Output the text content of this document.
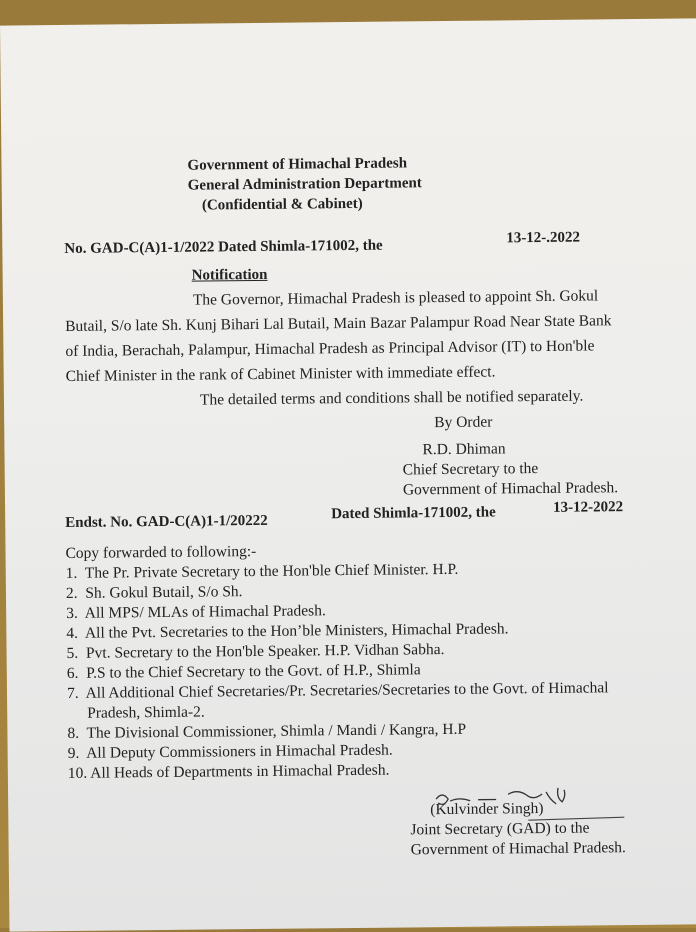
Government of Himachal Pradesh
General Administration Department
(Confidential & Cabinet)
No. GAD-C(A)1-1/2022 Dated Shimla-171002, the	13-12-.2022
Notification
The Governor, Himachal Pradesh is pleased to appoint Sh. Gokul
Butail, S/o late Sh. Kunj Bihari Lal Butail, Main Bazar Palampur Road Near State Bank
of India, Berachah, Palampur, Himachal Pradesh as Principal Advisor (IT) to Hon'ble
Chief Minister in the rank of Cabinet Minister with immediate effect.
The detailed terms and conditions shall be notified separately.
By Order
R.D. Dhiman
Chief Secretary to the
Government of Himachal Pradesh.
Endst. No. GAD-C(A)1-1/20222	Dated Shimla-171002, the	13-12-2022
Copy forwarded to following:-
1. The Pr. Private Secretary to the Hon'ble Chief Minister. H.P.
2. Sh. Gokul Butail, S/o Sh.
3. All MPS/ MLAs of Himachal Pradesh.
4. All the Pvt. Secretaries to the Hon’ble Ministers, Himachal Pradesh.
5. Pvt. Secretary to the Hon'ble Speaker. H.P. Vidhan Sabha.
6. P.S to the Chief Secretary to the Govt. of H.P., Shimla
7. All Additional Chief Secretaries/Pr. Secretaries/Secretaries to the Govt. of Himachal
Pradesh, Shimla-2.
8. The Divisional Commissioner, Shimla / Mandi / Kangra, H.P
9. All Deputy Commissioners in Himachal Pradesh.
10. All Heads of Departments in Himachal Pradesh.
(Kulvinder Singh)
Joint Secretary (GAD) to the
Government of Himachal Pradesh.
